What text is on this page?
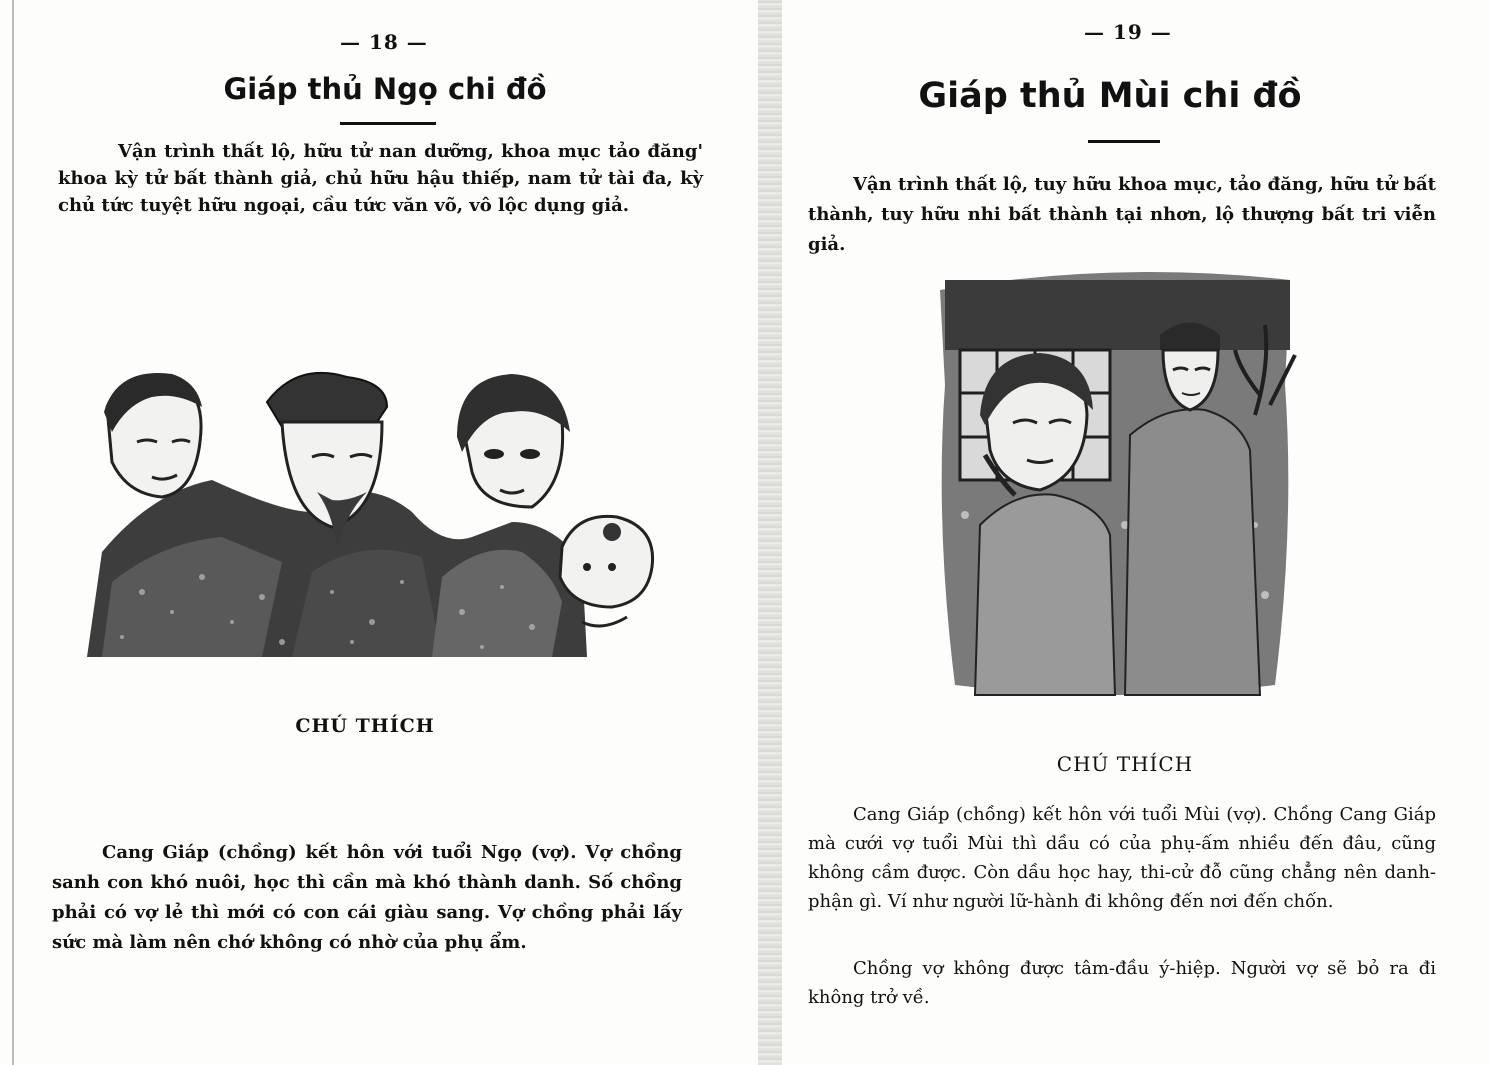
— 18 —
Giáp thủ Ngọ chi đồ
Vận trình thất lộ, hữu tử nan dưỡng, khoa mục tảo đăng' khoa kỳ tử bất thành giả, chủ hữu hậu thiếp, nam tử tài đa, kỳ chủ tức tuyệt hữu ngoại, cầu tức văn võ, vô lộc dụng giả.
CHÚ THÍCH
Cang Giáp (chồng) kết hôn với tuổi Ngọ (vợ). Vợ chồng sanh con khó nuôi, học thì cần mà khó thành danh. Số chồng phải có vợ lẻ thì mới có con cái giàu sang. Vợ chồng phải lấy sức mà làm nên chớ không có nhờ của phụ ẩm.
— 19 —
Giáp thủ Mùi chi đồ
Vận trình thất lộ, tuy hữu khoa mục, tảo đăng, hữu tử bất thành, tuy hữu nhi bất thành tại nhơn, lộ thượng bất tri viễn giả.
CHÚ THÍCH
Cang Giáp (chồng) kết hôn với tuổi Mùi (vợ). Chồng Cang Giáp mà cưới vợ tuổi Mùi thì dầu có của phụ-ấm nhiều đến đâu, cũng không cầm được. Còn dầu học hay, thi-cử đỗ cũng chẳng nên danh-phận gì. Ví như người lữ-hành đi không đến nơi đến chốn.
Chồng vợ không được tâm-đầu ý-hiệp. Người vợ sẽ bỏ ra đi không trở về.
